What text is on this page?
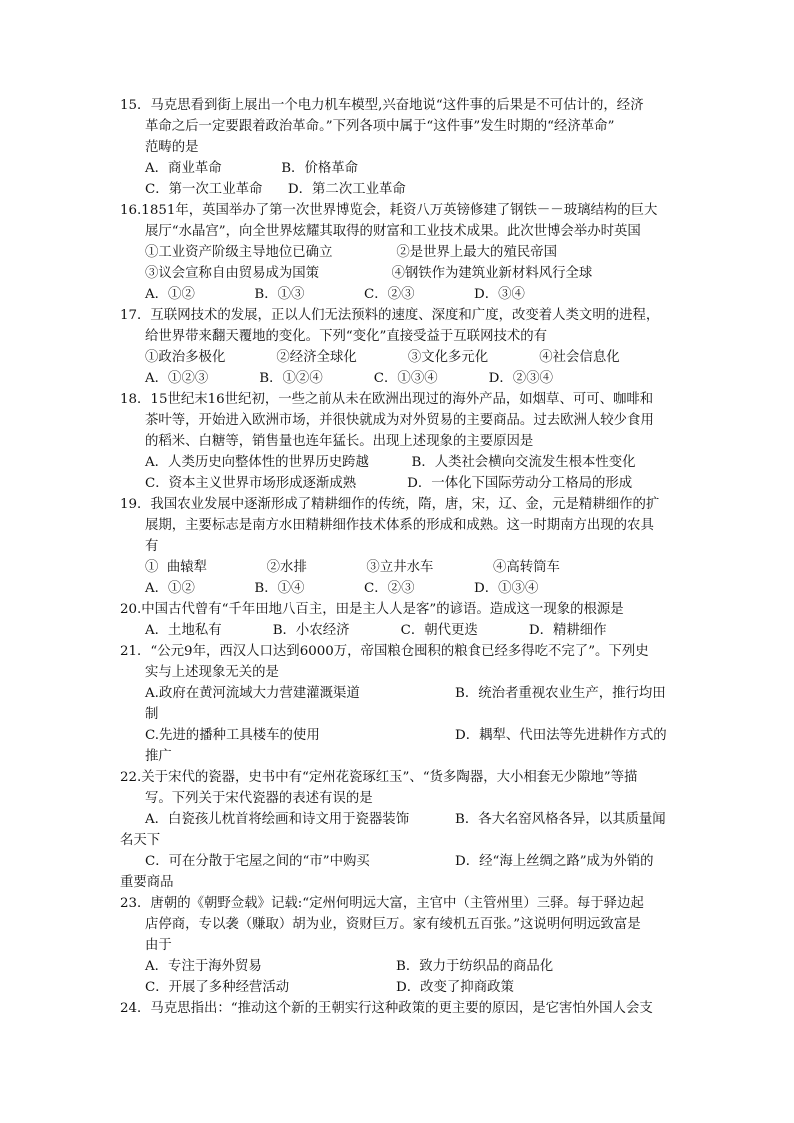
15．马克思看到街上展出一个电力机车模型,兴奋地说“这件事的后果是不可估计的，经济
革命之后一定要跟着政治革命。”下列各项中属于“这件事”发生时期的“经济革命”
范畴的是
A．商业革命              B．价格革命
C．第一次工业革命      D．第二次工业革命
16.1851年，英国举办了第一次世界博览会，耗资八万英镑修建了钢铁－－玻璃结构的巨大
展厅“水晶宫”，向全世界炫耀其取得的财富和工业技术成果。此次世博会举办时英国
①工业资产阶级主导地位已确立               ②是世界上最大的殖民帝国
③议会宣称自由贸易成为国策                 ④钢铁作为建筑业新材料风行全球
A．①②              B．①③              C．②③              D．③④
17．互联网技术的发展，正以人们无法预料的速度、深度和广度，改变着人类文明的进程，
给世界带来翻天覆地的变化。下列“变化”直接受益于互联网技术的有
①政治多极化            ②经济全球化            ③文化多元化            ④社会信息化
A．①②③            B．①②④            C．①③④            D．②③④
18．15世纪末16世纪初，一些之前从未在欧洲出现过的海外产品，如烟草、可可、咖啡和
茶叶等，开始进入欧洲市场，并很快就成为对外贸易的主要商品。过去欧洲人较少食用
的稻米、白糖等，销售量也连年猛长。出现上述现象的主要原因是
A．人类历史向整体性的世界历史跨越          B．人类社会横向交流发生根本性变化
C．资本主义世界市场形成逐渐成熟            D．一体化下国际劳动分工格局的形成
19．我国农业发展中逐渐形成了精耕细作的传统，隋，唐，宋，辽、金，元是精耕细作的扩
展期，主要标志是南方水田精耕细作技术体系的形成和成熟。这一时期南方出现的农具
有
①  曲辕犁              ②水排              ③立井水车              ④高转筒车
A．①②              B．①④              C．②③              D．①③④
20.中国古代曾有“千年田地八百主，田是主人人是客”的谚语。造成这一现象的根源是
A．土地私有            B．小农经济            C．朝代更迭            D．精耕细作
21．“公元9年，西汉人口达到6000万，帝国粮仓囤积的粮食已经多得吃不完了”。下列史
实与上述现象无关的是
A.政府在黄河流域大力营建灌溉渠道	B．统治者重视农业生产，推行均田
制
C.先进的播种工具楼车的使用	D．耦犁、代田法等先进耕作方式的
推广
22.关于宋代的瓷器，史书中有“定州花瓷琢红玉”、“货多陶器，大小相套无少隙地”等描
写。下列关于宋代瓷器的表述有误的是
A．白瓷孩儿枕首将绘画和诗文用于瓷器装饰	B．各大名窑风格各异，以其质量闻
名天下
C．可在分散于宅屋之间的“市”中购买	D．经“海上丝绸之路”成为外销的
重要商品
23．唐朝的《朝野佥载》记载:“定州何明远大富，主官中（主管州里）三驿。每于驿边起
店停商，专以袭（赚取）胡为业，资财巨万。家有绫机五百张。”这说明何明远致富是
由于
A．专注于海外贸易	B．致力于纺织品的商品化
C．开展了多种经营活动	D．改变了抑商政策
24．马克思指出：“推动这个新的王朝实行这种政策的更主要的原因，是它害怕外国人会支
